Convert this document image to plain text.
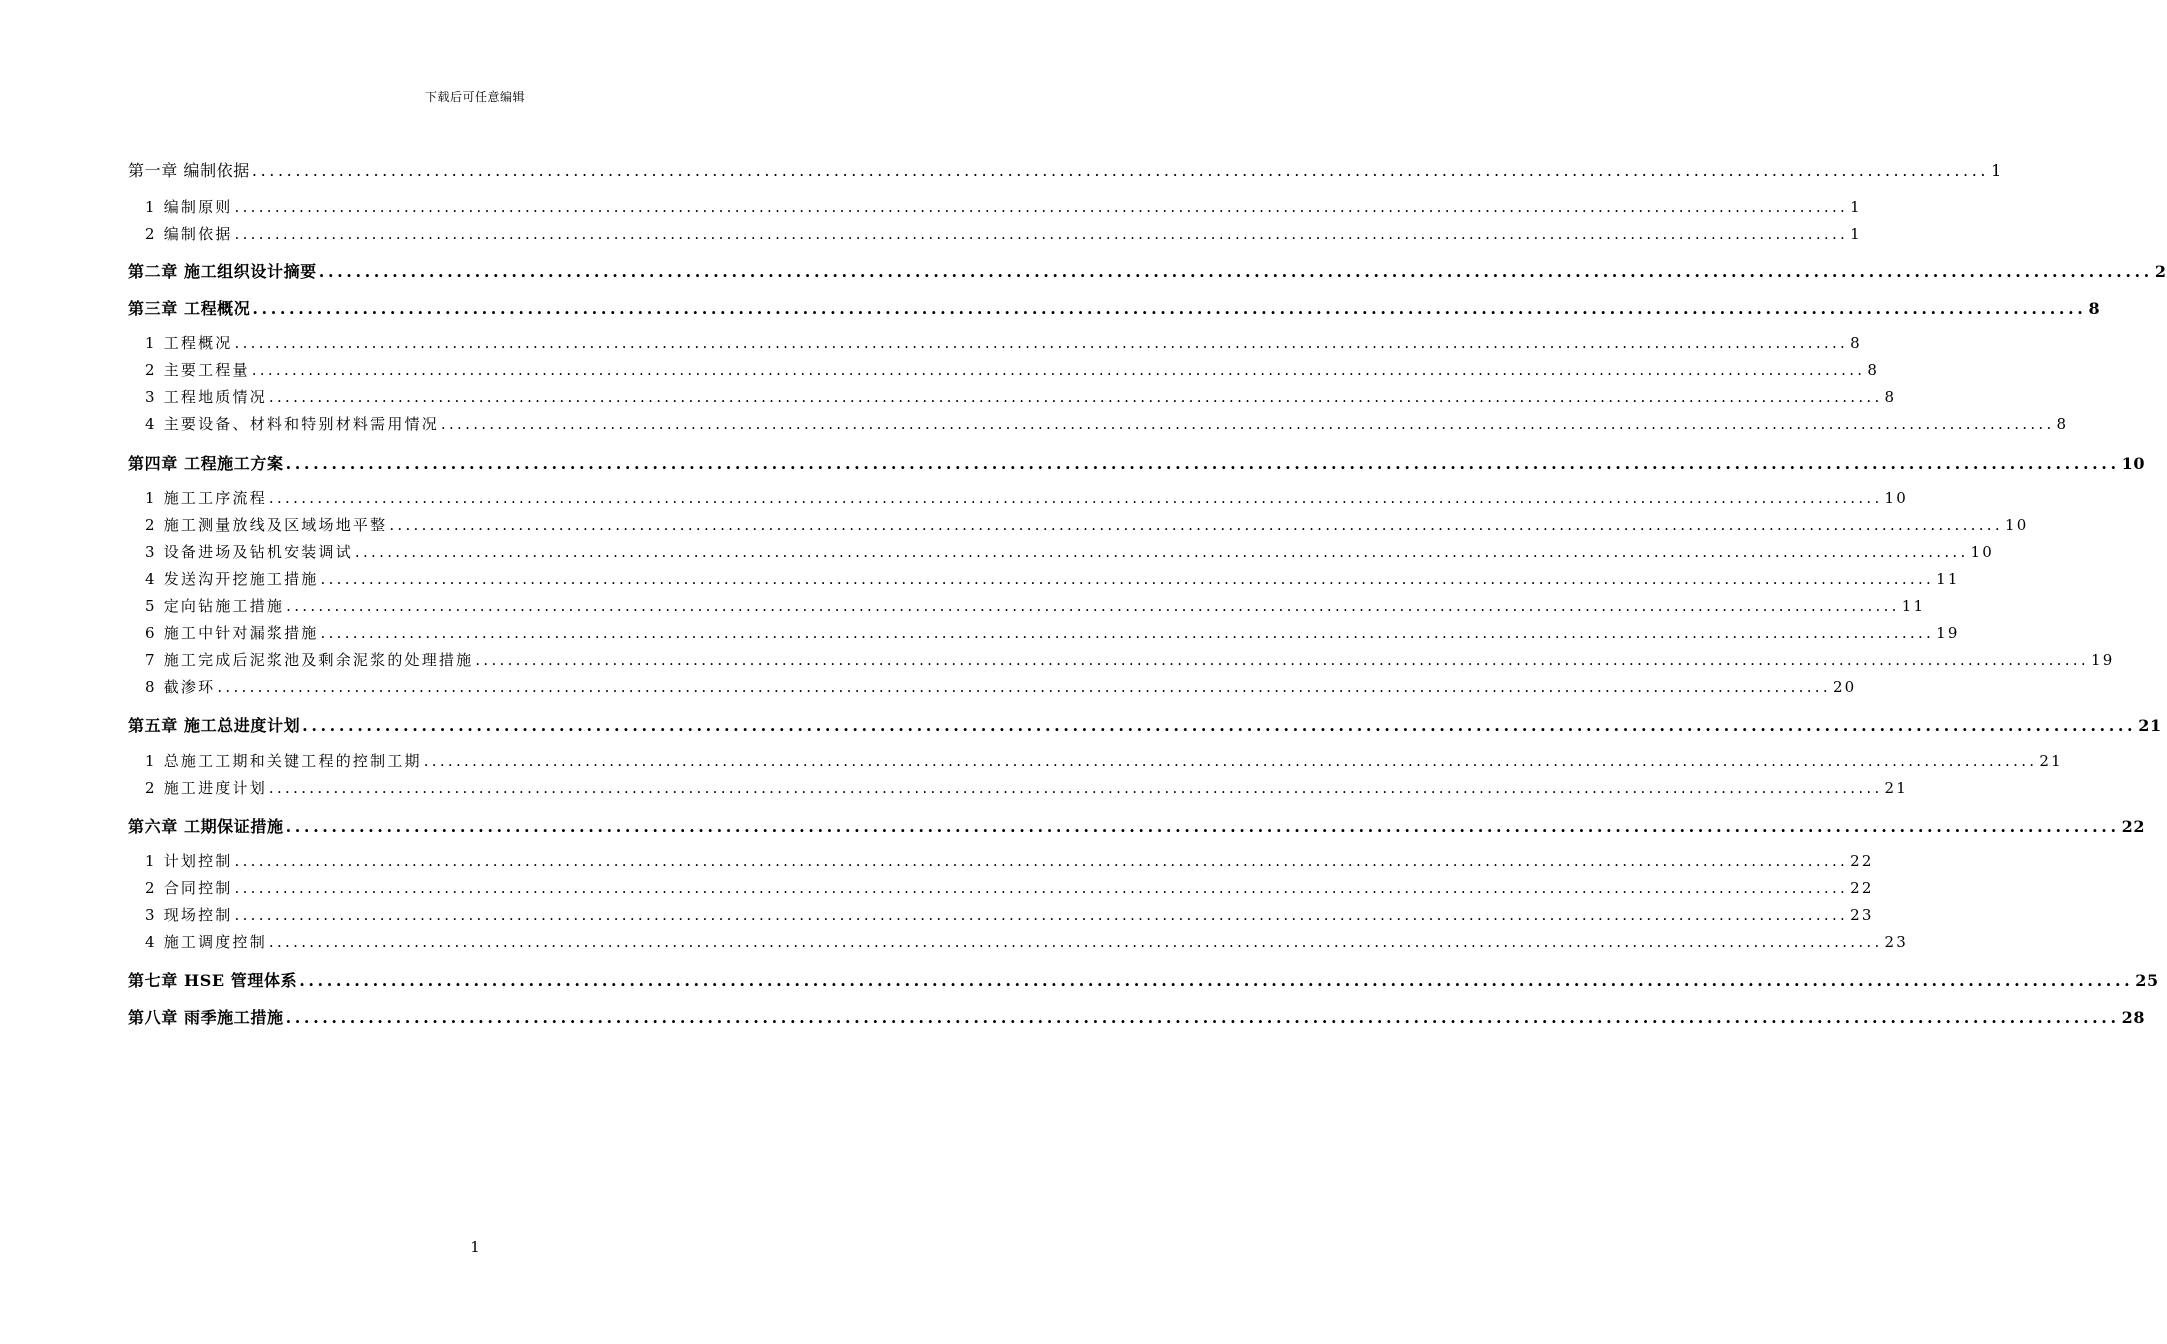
下载后可任意编辑
第一章 编制依据 ........................................................................................................................................................................................................ 1
1 编制原则 ........................................................................................................................................................................................................ 1
2 编制依据 ........................................................................................................................................................................................................ 1
第二章 施工组织设计摘要 ........................................................................................................................................................................................................ 2
第三章 工程概况 ........................................................................................................................................................................................................ 8
1 工程概况 ........................................................................................................................................................................................................ 8
2 主要工程量 ........................................................................................................................................................................................................ 8
3 工程地质情况 ........................................................................................................................................................................................................ 8
4 主要设备、材料和特别材料需用情况 ........................................................................................................................................................................................................ 8
第四章 工程施工方案 ........................................................................................................................................................................................................ 10
1 施工工序流程 ........................................................................................................................................................................................................ 10
2 施工测量放线及区域场地平整 ........................................................................................................................................................................................................ 10
3 设备进场及钻机安装调试 ........................................................................................................................................................................................................ 10
4 发送沟开挖施工措施 ........................................................................................................................................................................................................ 11
5 定向钻施工措施 ........................................................................................................................................................................................................ 11
6 施工中针对漏浆措施 ........................................................................................................................................................................................................ 19
7 施工完成后泥浆池及剩余泥浆的处理措施 ........................................................................................................................................................................................................ 19
8 截渗环 ........................................................................................................................................................................................................ 20
第五章 施工总进度计划 ........................................................................................................................................................................................................ 21
1 总施工工期和关键工程的控制工期 ........................................................................................................................................................................................................ 21
2 施工进度计划 ........................................................................................................................................................................................................ 21
第六章 工期保证措施 ........................................................................................................................................................................................................ 22
1 计划控制 ........................................................................................................................................................................................................ 22
2 合同控制 ........................................................................................................................................................................................................ 22
3 现场控制 ........................................................................................................................................................................................................ 23
4 施工调度控制 ........................................................................................................................................................................................................ 23
第七章 HSE 管理体系 ........................................................................................................................................................................................................ 25
第八章 雨季施工措施 ........................................................................................................................................................................................................ 28
1
